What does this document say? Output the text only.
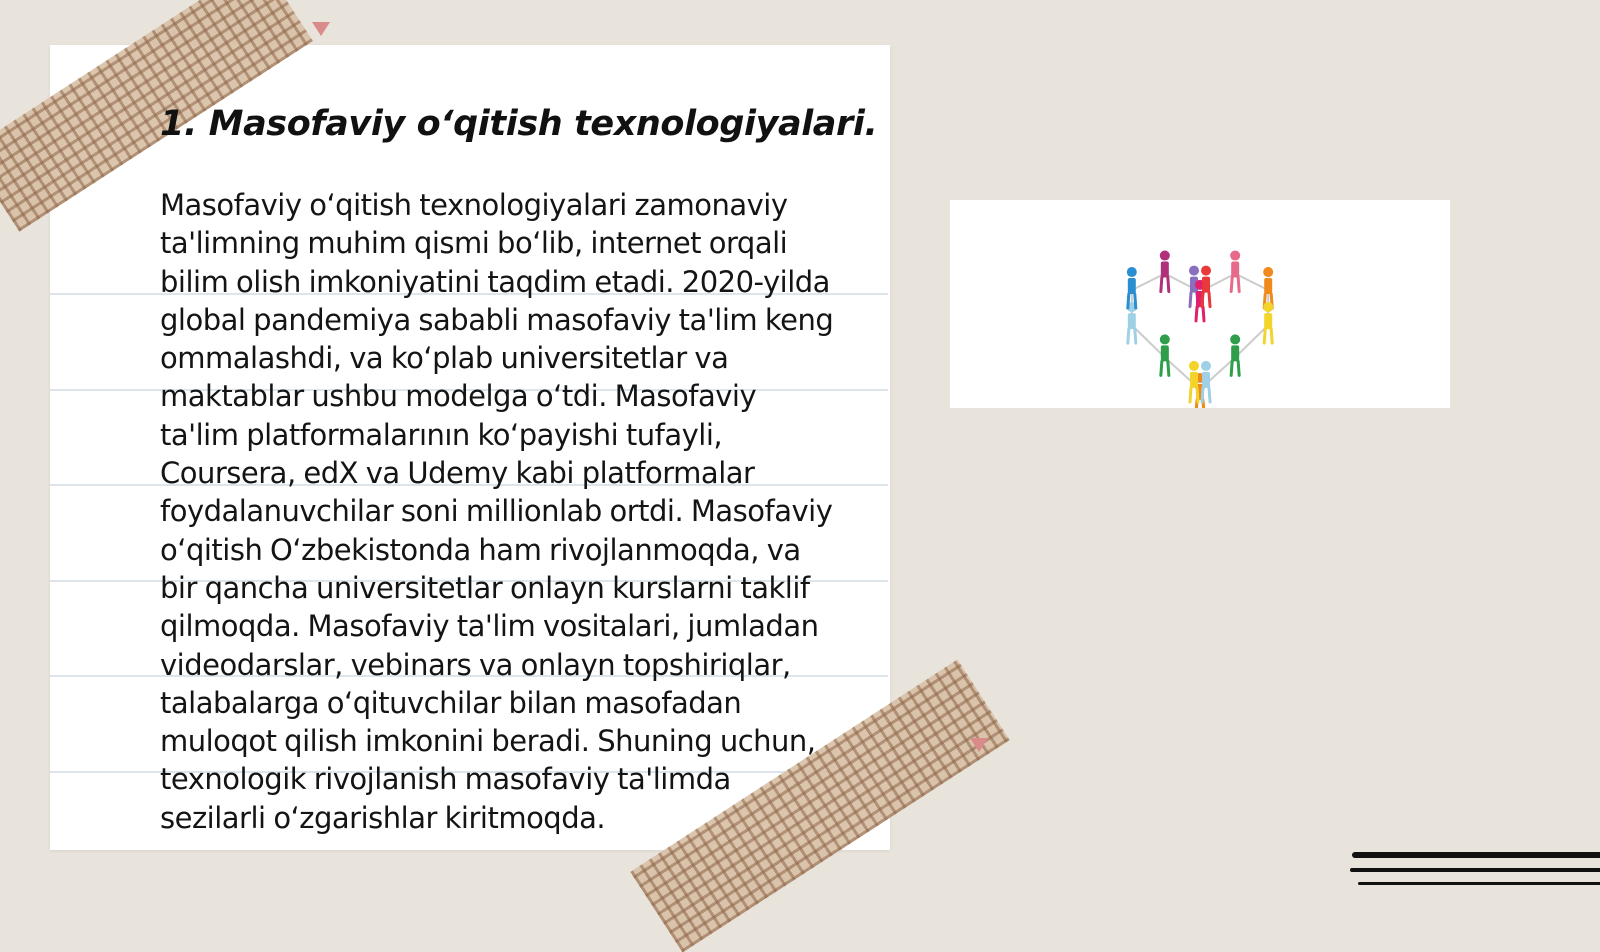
1. Masofaviy o‘qitish texnologiyalari.

Masofaviy o‘qitish texnologiyalari zamonaviy ta'limning muhim qismi bo‘lib, internet orqali bilim olish imkoniyatini taqdim etadi. 2020-yilda global pandemiya sababli masofaviy ta'lim keng ommalashdi, va ko‘plab universitetlar va maktablar ushbu modelga o‘tdi. Masofaviy ta'lim platformalarının ko‘payishi tufayli, Coursera, edX va Udemy kabi platformalar foydalanuvchilar soni millionlab ortdi. Masofaviy o‘qitish O‘zbekistonda ham rivojlanmoqda, va bir qancha universitetlar onlayn kurslarni taklif qilmoqda. Masofaviy ta'lim vositalari, jumladan videodarslar, vebinars va onlayn topshiriqlar, talabalarga o‘qituvchilar bilan masofadan muloqot qilish imkonini beradi. Shuning uchun, texnologik rivojlanish masofaviy ta'limda sezilarli o‘zgarishlar kiritmoqda.
